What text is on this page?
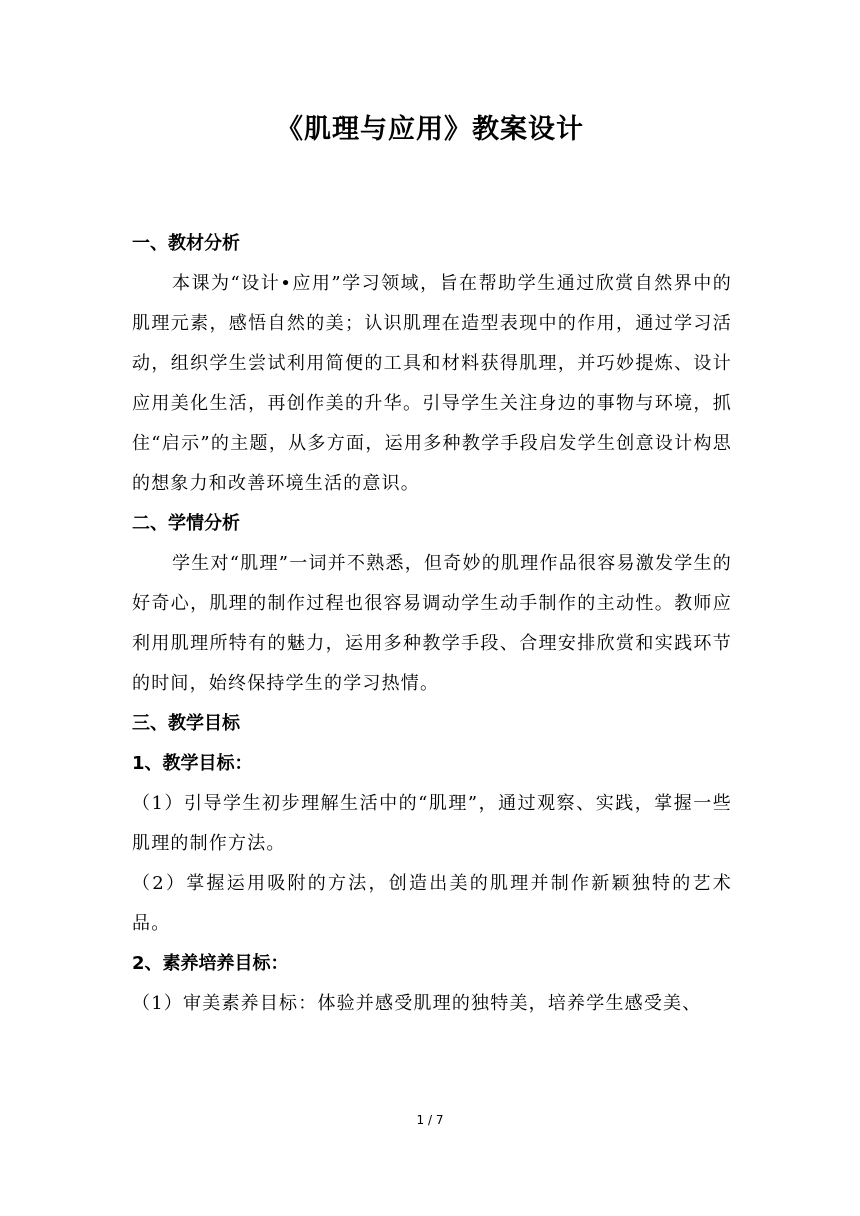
《肌理与应用》教案设计
一、教材分析

本课为“设计•应用”学习领域，旨在帮助学生通过欣赏自然界中的肌理元素，感悟自然的美；认识肌理在造型表现中的作用，通过学习活动，组织学生尝试利用简便的工具和材料获得肌理，并巧妙提炼、设计应用美化生活，再创作美的升华。引导学生关注身边的事物与环境，抓住“启示”的主题，从多方面，运用多种教学手段启发学生创意设计构思的想象力和改善环境生活的意识。

二、学情分析

学生对“肌理”一词并不熟悉，但奇妙的肌理作品很容易激发学生的好奇心，肌理的制作过程也很容易调动学生动手制作的主动性。教师应利用肌理所特有的魅力，运用多种教学手段、合理安排欣赏和实践环节的时间，始终保持学生的学习热情。

三、教学目标
1、教学目标：

（1）引导学生初步理解生活中的“肌理”，通过观察、实践，掌握一些肌理的制作方法。

（2）掌握运用吸附的方法，创造出美的肌理并制作新颖独特的艺术品。

2、素养培养目标：

（1）审美素养目标：体验并感受肌理的独特美，培养学生感受美、

1 / 7
